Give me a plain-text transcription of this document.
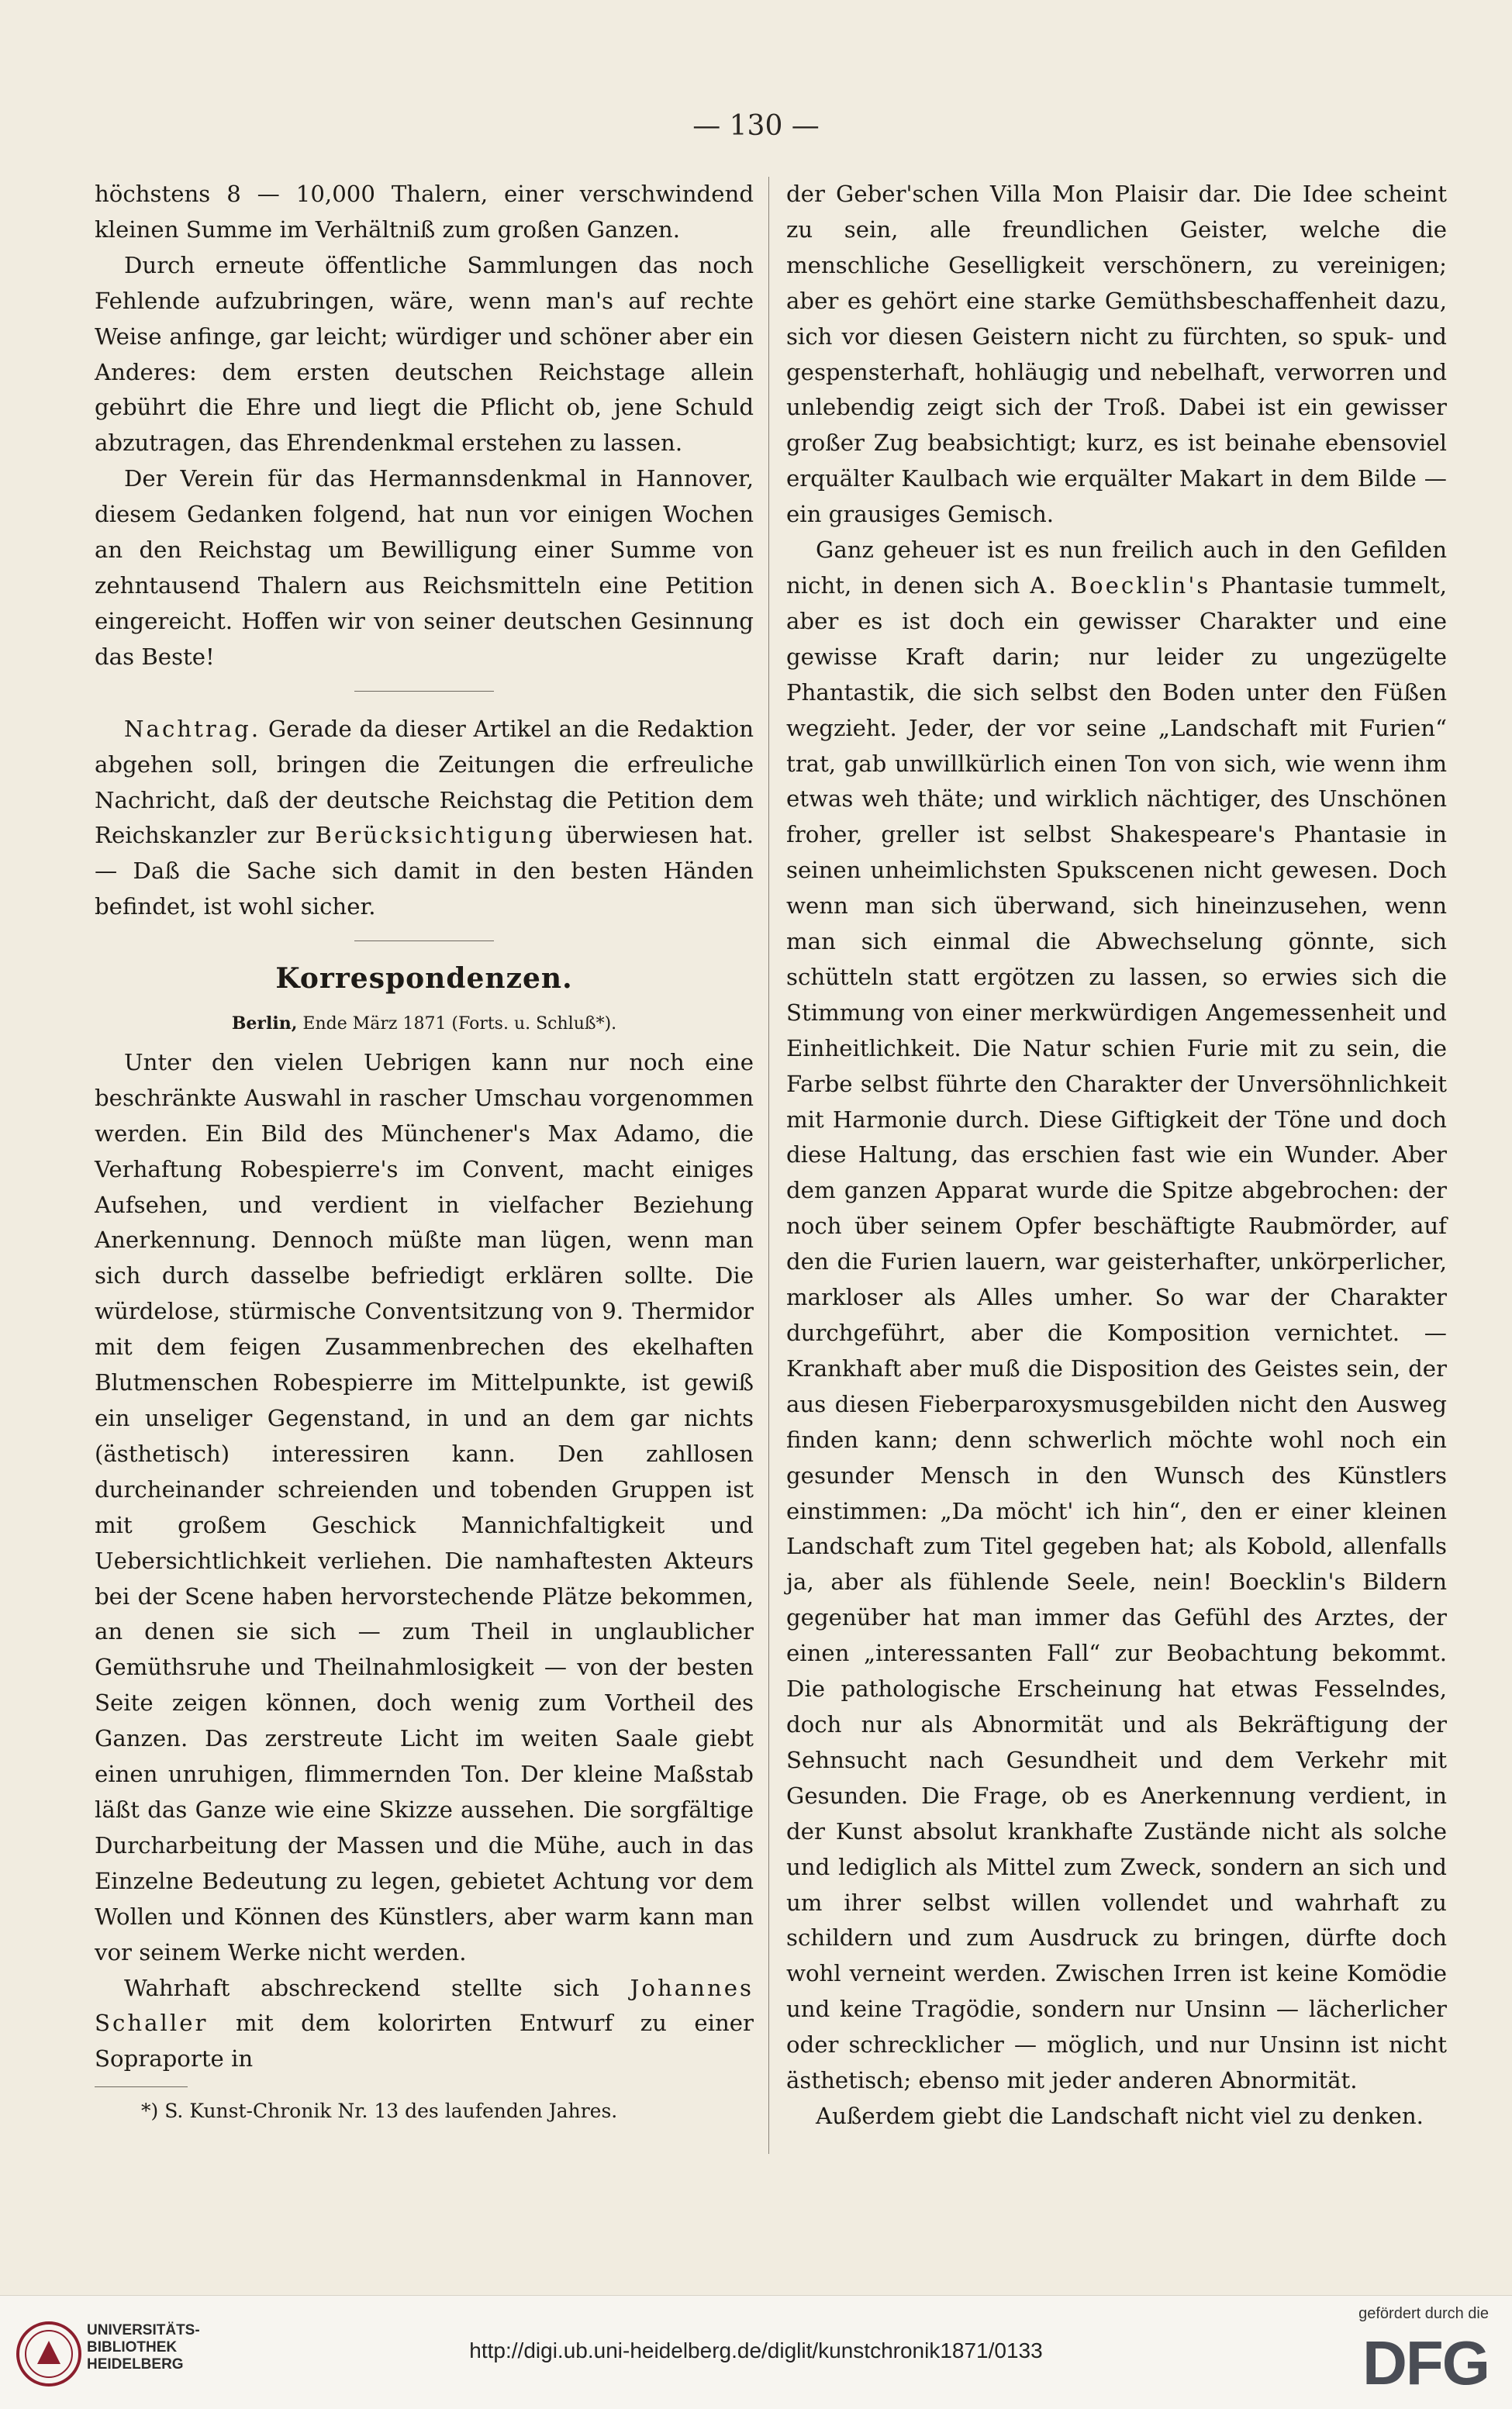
— 130 —

höchstens 8 — 10,000 Thalern, einer verschwindend kleinen Summe im Verhältniß zum großen Ganzen.

Durch erneute öffentliche Sammlungen das noch Fehlende aufzubringen, wäre, wenn man's auf rechte Weise anfinge, gar leicht; würdiger und schöner aber ein Anderes: dem ersten deutschen Reichstage allein gebührt die Ehre und liegt die Pflicht ob, jene Schuld abzutragen, das Ehrendenkmal erstehen zu lassen.

Der Verein für das Hermannsdenkmal in Hannover, diesem Gedanken folgend, hat nun vor einigen Wochen an den Reichstag um Bewilligung einer Summe von zehntausend Thalern aus Reichsmitteln eine Petition eingereicht. Hoffen wir von seiner deutschen Gesinnung das Beste!

Nachtrag. Gerade da dieser Artikel an die Redaktion abgehen soll, bringen die Zeitungen die erfreuliche Nachricht, daß der deutsche Reichstag die Petition dem Reichskanzler zur Berücksichtigung überwiesen hat. — Daß die Sache sich damit in den besten Händen befindet, ist wohl sicher.

Korrespondenzen.
Berlin, Ende März 1871 (Forts. u. Schluß*).

Unter den vielen Uebrigen kann nur noch eine beschränkte Auswahl in rascher Umschau vorgenommen werden. Ein Bild des Münchener's Max Adamo, die Verhaftung Robespierre's im Convent, macht einiges Aufsehen, und verdient in vielfacher Beziehung Anerkennung. Dennoch müßte man lügen, wenn man sich durch dasselbe befriedigt erklären sollte. Die würdelose, stürmische Conventsitzung von 9. Thermidor mit dem feigen Zusammenbrechen des ekelhaften Blutmenschen Robespierre im Mittelpunkte, ist gewiß ein unseliger Gegenstand, in und an dem gar nichts (ästhetisch) interessiren kann. Den zahllosen durcheinander schreienden und tobenden Gruppen ist mit großem Geschick Mannichfaltigkeit und Uebersichtlichkeit verliehen. Die namhaftesten Akteurs bei der Scene haben hervorstechende Plätze bekommen, an denen sie sich — zum Theil in unglaublicher Gemüthsruhe und Theilnahmlosigkeit — von der besten Seite zeigen können, doch wenig zum Vortheil des Ganzen. Das zerstreute Licht im weiten Saale giebt einen unruhigen, flimmernden Ton. Der kleine Maßstab läßt das Ganze wie eine Skizze aussehen. Die sorgfältige Durcharbeitung der Massen und die Mühe, auch in das Einzelne Bedeutung zu legen, gebietet Achtung vor dem Wollen und Können des Künstlers, aber warm kann man vor seinem Werke nicht werden.

Wahrhaft abschreckend stellte sich Johannes Schaller mit dem kolorirten Entwurf zu einer Sopraporte in

*) S. Kunst-Chronik Nr. 13 des laufenden Jahres.

der Geber'schen Villa Mon Plaisir dar. Die Idee scheint zu sein, alle freundlichen Geister, welche die menschliche Geselligkeit verschönern, zu vereinigen; aber es gehört eine starke Gemüthsbeschaffenheit dazu, sich vor diesen Geistern nicht zu fürchten, so spuk- und gespensterhaft, hohläugig und nebelhaft, verworren und unlebendig zeigt sich der Troß. Dabei ist ein gewisser großer Zug beabsichtigt; kurz, es ist beinahe ebensoviel erquälter Kaulbach wie erquälter Makart in dem Bilde — ein grausiges Gemisch.

Ganz geheuer ist es nun freilich auch in den Gefilden nicht, in denen sich A. Boecklin's Phantasie tummelt, aber es ist doch ein gewisser Charakter und eine gewisse Kraft darin; nur leider zu ungezügelte Phantastik, die sich selbst den Boden unter den Füßen wegzieht. Jeder, der vor seine „Landschaft mit Furien“ trat, gab unwillkürlich einen Ton von sich, wie wenn ihm etwas weh thäte; und wirklich nächtiger, des Unschönen froher, greller ist selbst Shakespeare's Phantasie in seinen unheimlichsten Spukscenen nicht gewesen. Doch wenn man sich überwand, sich hineinzusehen, wenn man sich einmal die Abwechselung gönnte, sich schütteln statt ergötzen zu lassen, so erwies sich die Stimmung von einer merkwürdigen Angemessenheit und Einheitlichkeit. Die Natur schien Furie mit zu sein, die Farbe selbst führte den Charakter der Unversöhnlichkeit mit Harmonie durch. Diese Giftigkeit der Töne und doch diese Haltung, das erschien fast wie ein Wunder. Aber dem ganzen Apparat wurde die Spitze abgebrochen: der noch über seinem Opfer beschäftigte Raubmörder, auf den die Furien lauern, war geisterhafter, unkörperlicher, markloser als Alles umher. So war der Charakter durchgeführt, aber die Komposition vernichtet. — Krankhaft aber muß die Disposition des Geistes sein, der aus diesen Fieberparoxysmusgebilden nicht den Ausweg finden kann; denn schwerlich möchte wohl noch ein gesunder Mensch in den Wunsch des Künstlers einstimmen: „Da möcht' ich hin“, den er einer kleinen Landschaft zum Titel gegeben hat; als Kobold, allenfalls ja, aber als fühlende Seele, nein! Boecklin's Bildern gegenüber hat man immer das Gefühl des Arztes, der einen „interessanten Fall“ zur Beobachtung bekommt. Die pathologische Erscheinung hat etwas Fesselndes, doch nur als Abnormität und als Bekräftigung der Sehnsucht nach Gesundheit und dem Verkehr mit Gesunden. Die Frage, ob es Anerkennung verdient, in der Kunst absolut krankhafte Zustände nicht als solche und lediglich als Mittel zum Zweck, sondern an sich und um ihrer selbst willen vollendet und wahrhaft zu schildern und zum Ausdruck zu bringen, dürfte doch wohl verneint werden. Zwischen Irren ist keine Komödie und keine Tragödie, sondern nur Unsinn — lächerlicher oder schrecklicher — möglich, und nur Unsinn ist nicht ästhetisch; ebenso mit jeder anderen Abnormität.

Außerdem giebt die Landschaft nicht viel zu denken.

UNIVERSITÄTS-
BIBLIOTHEK
HEIDELBERG
http://digi.ub.uni-heidelberg.de/diglit/kunstchronik1871/0133
gefördert durch die
DFG
